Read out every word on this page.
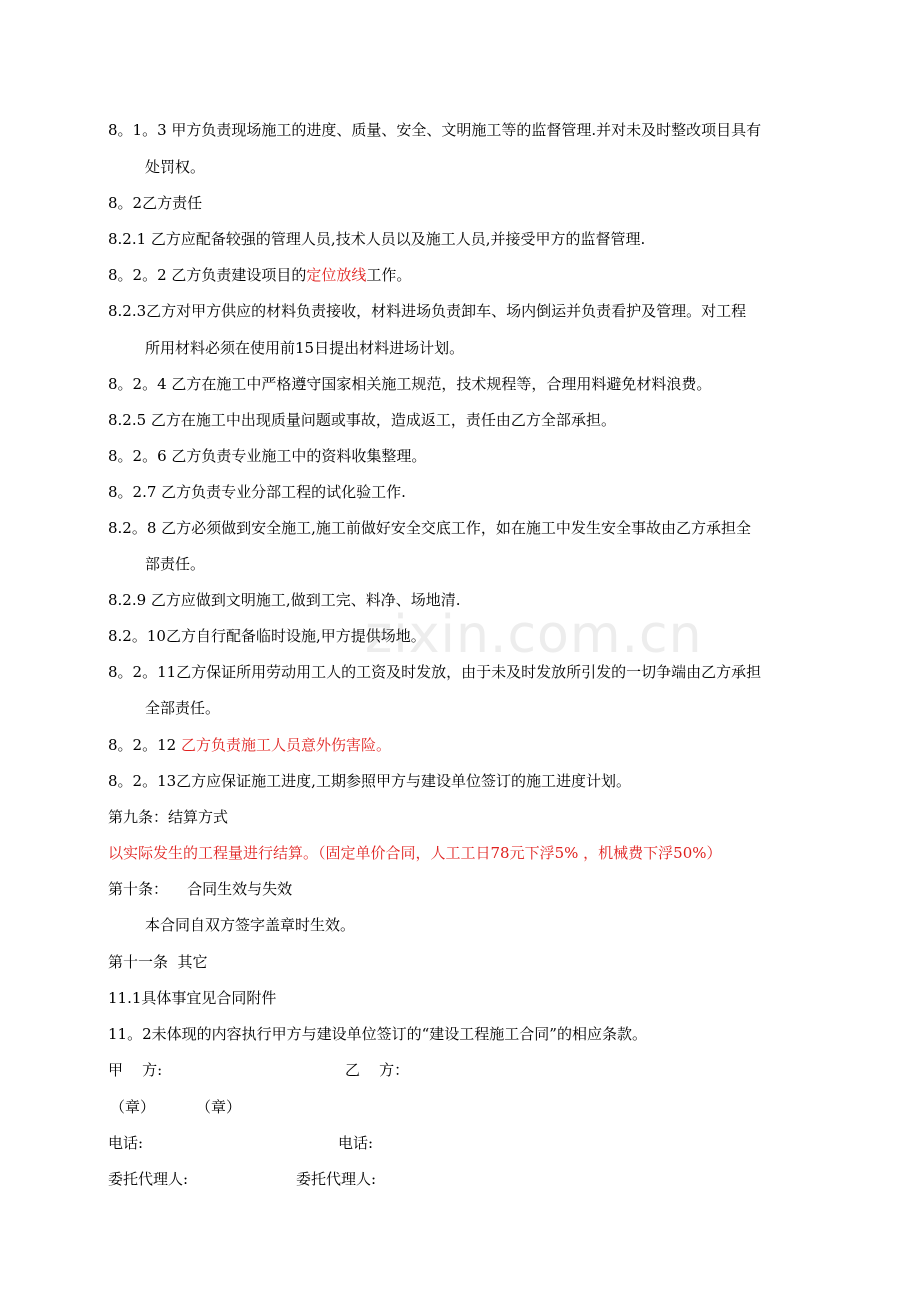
zixin.com.cn
8。1。3 甲方负责现场施工的进度、质量、安全、文明施工等的监督管理.并对未及时整改项目具有
处罚权。
8。2乙方责任
8.2.1 乙方应配备较强的管理人员,技术人员以及施工人员,并接受甲方的监督管理.
8。2。2 乙方负责建设项目的定位放线工作。
8.2.3乙方对甲方供应的材料负责接收，材料进场负责卸车、场内倒运并负责看护及管理。对工程
所用材料必须在使用前15日提出材料进场计划。
8。2。4 乙方在施工中严格遵守国家相关施工规范，技术规程等，合理用料避免材料浪费。
8.2.5 乙方在施工中出现质量问题或事故，造成返工，责任由乙方全部承担。
8。2。6 乙方负责专业施工中的资料收集整理。
8。2.7 乙方负责专业分部工程的试化验工作.
8.2。8 乙方必须做到安全施工,施工前做好安全交底工作，如在施工中发生安全事故由乙方承担全
部责任。
8.2.9 乙方应做到文明施工,做到工完、料净、场地清.
8.2。10乙方自行配备临时设施,甲方提供场地。
8。2。11乙方保证所用劳动用工人的工资及时发放，由于未及时发放所引发的一切争端由乙方承担
全部责任。
8。2。12 乙方负责施工人员意外伤害险。
8。2。13乙方应保证施工进度,工期参照甲方与建设单位签订的施工进度计划。
第九条：结算方式
以实际发生的工程量进行结算。（固定单价合同，人工工日78元下浮5% ，机械费下浮50%）
第十条：    合同生效与失效
本合同自双方签字盖章时生效。
第十一条  其它
11.1具体事宜见合同附件
11。2未体现的内容执行甲方与建设单位签订的“建设工程施工合同”的相应条款。
甲    方:	乙    方：
（章）	（章）
电话:	电话:
委托代理人:	委托代理人:
